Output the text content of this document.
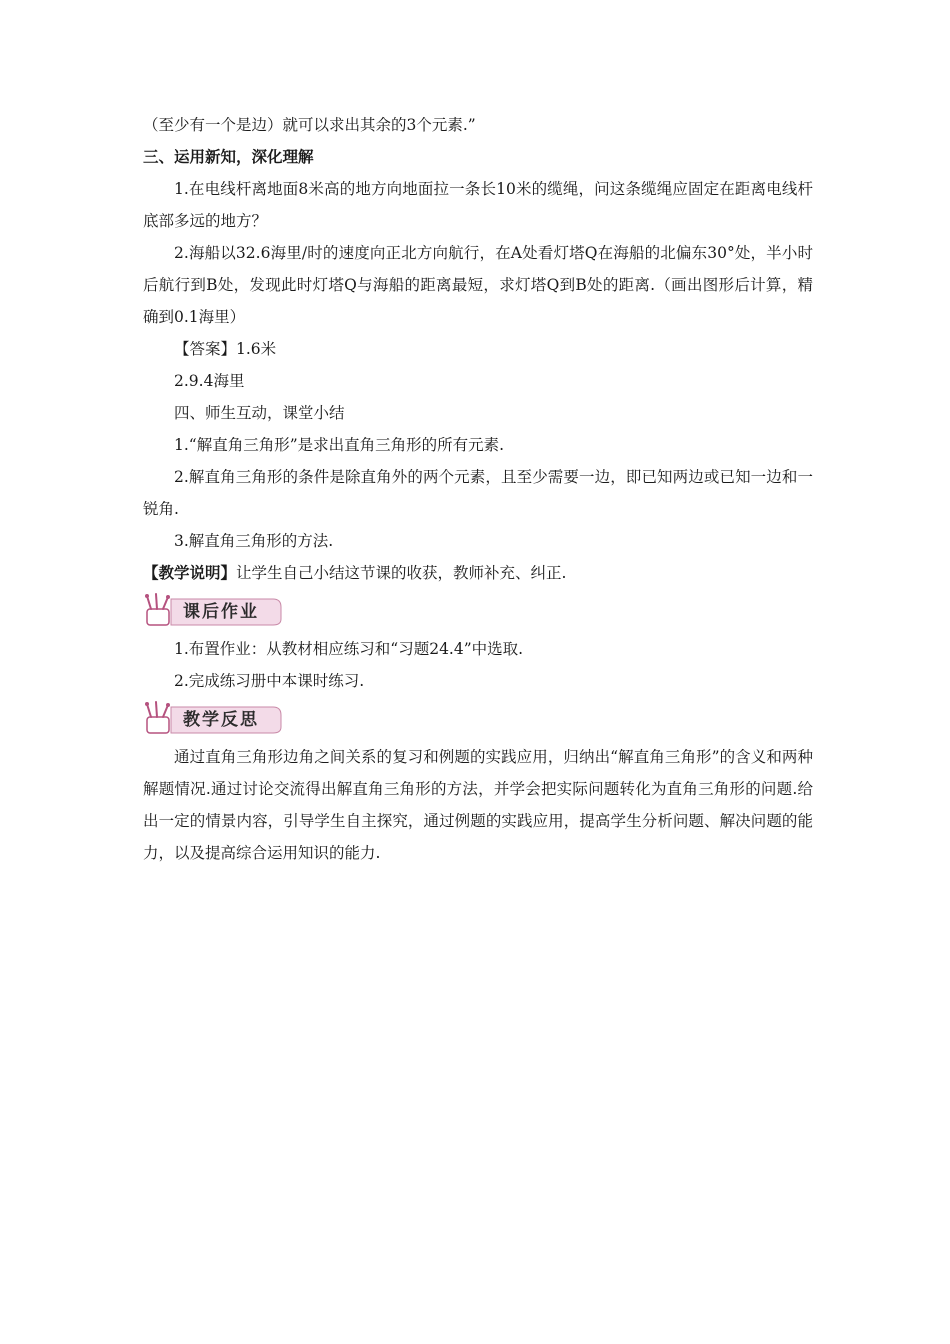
（至少有一个是边）就可以求出其余的3个元素.”
三、运用新知，深化理解
1.在电线杆离地面8米高的地方向地面拉一条长10米的缆绳，问这条缆绳应固定在距离电线杆底部多远的地方？
2.海船以32.6海里/时的速度向正北方向航行，在A处看灯塔Q在海船的北偏东30°处，半小时后航行到B处，发现此时灯塔Q与海船的距离最短，求灯塔Q到B处的距离.（画出图形后计算，精确到0.1海里）
【答案】1.6米
2.9.4海里
四、师生互动，课堂小结
1.“解直角三角形”是求出直角三角形的所有元素.
2.解直角三角形的条件是除直角外的两个元素，且至少需要一边，即已知两边或已知一边和一锐角.
3.解直角三角形的方法.
【教学说明】让学生自己小结这节课的收获，教师补充、纠正.
课后作业
1.布置作业：从教材相应练习和“习题24.4”中选取.
2.完成练习册中本课时练习.
教学反思
通过直角三角形边角之间关系的复习和例题的实践应用，归纳出“解直角三角形”的含义和两种解题情况.通过讨论交流得出解直角三角形的方法，并学会把实际问题转化为直角三角形的问题.给出一定的情景内容，引导学生自主探究，通过例题的实践应用，提高学生分析问题、解决问题的能力，以及提高综合运用知识的能力.
